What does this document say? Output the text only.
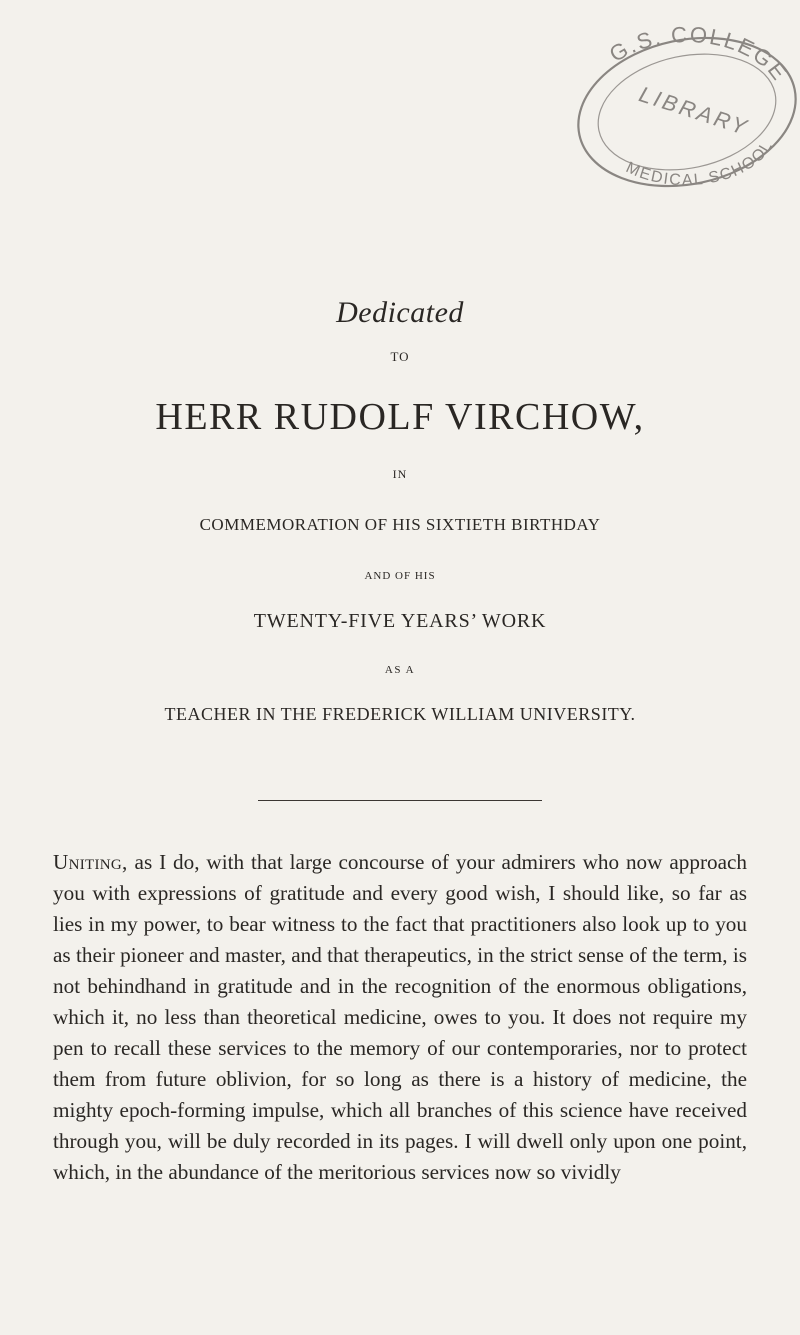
G.S. COLLEGE
LIBRARY
MEDICAL SCHOOL
Dedicated
TO
HERR RUDOLF VIRCHOW,
IN
COMMEMORATION OF HIS SIXTIETH BIRTHDAY
AND OF HIS
TWENTY-FIVE YEARS’ WORK
AS A
TEACHER IN THE FREDERICK WILLIAM UNIVERSITY.

Uniting, as I do, with that large concourse of your admirers who now approach you with expressions of gratitude and every good wish, I should like, so far as lies in my power, to bear witness to the fact that practitioners also look up to you as their pioneer and master, and that therapeutics, in the strict sense of the term, is not behindhand in gratitude and in the recognition of the enormous obligations, which it, no less than theoretical medicine, owes to you. It does not require my pen to recall these services to the memory of our contemporaries, nor to protect them from future oblivion, for so long as there is a history of medicine, the mighty epoch-forming impulse, which all branches of this science have received through you, will be duly recorded in its pages. I will dwell only upon one point, which, in the abundance of the meritorious services now so vividly
